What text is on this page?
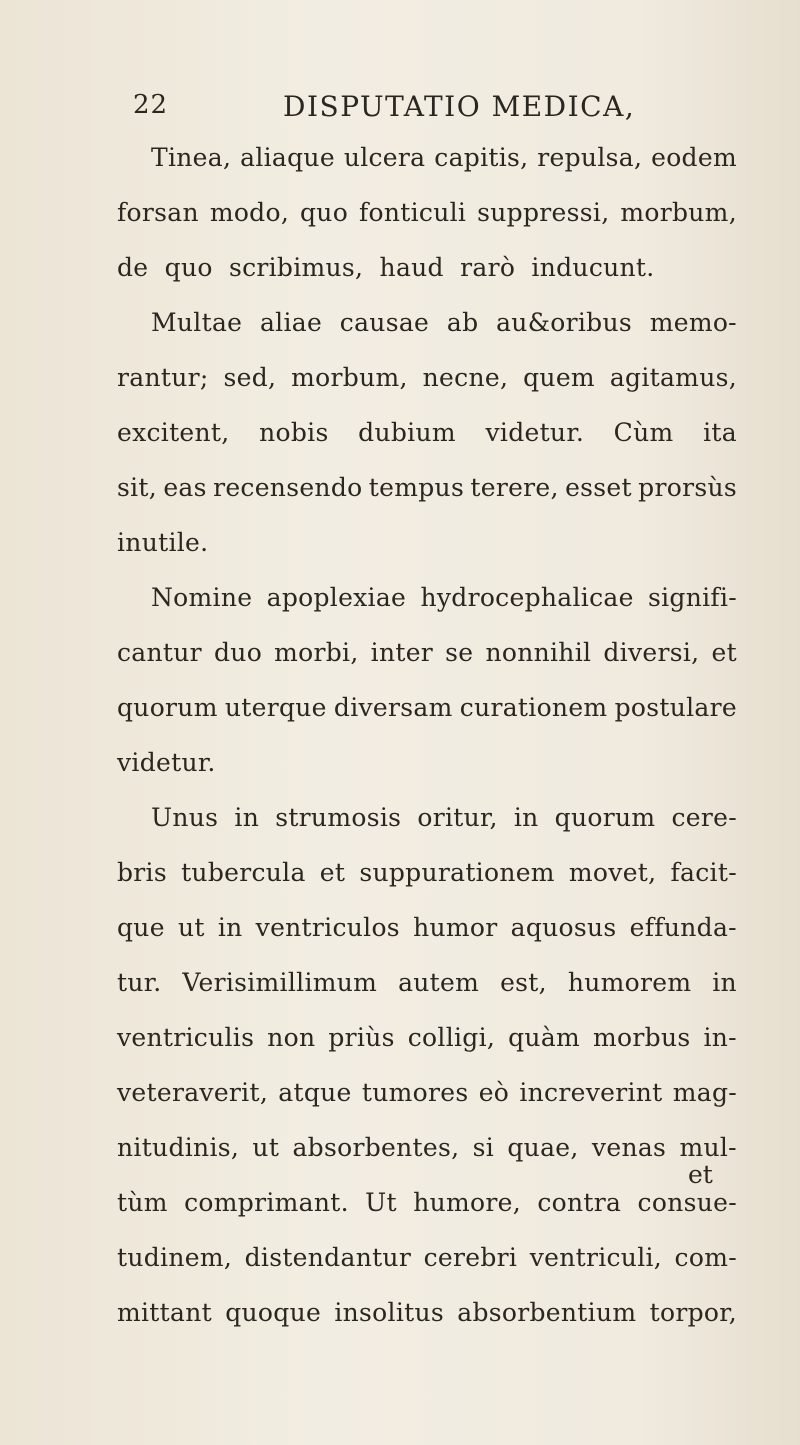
22	DISPUTATIO MEDICA,
Tinea, aliaque ulcera capitis, repulsa, eodem
forsan modo, quo fonticuli suppressi, morbum,
de quo scribimus, haud rarò inducunt.
Multae aliae causae ab au&oribus memo-
rantur; sed, morbum, necne, quem agitamus,
excitent, nobis dubium videtur. Cùm ita
sit, eas recensendo tempus terere, esset prorsùs
inutile.
Nomine apoplexiae hydrocephalicae signifi-
cantur duo morbi, inter se nonnihil diversi, et
quorum uterque diversam curationem postulare
videtur.
Unus in strumosis oritur, in quorum cere-
bris tubercula et suppurationem movet, facit-
que ut in ventriculos humor aquosus effunda-
tur. Verisimillimum autem est, humorem in
ventriculis non priùs colligi, quàm morbus in-
veteraverit, atque tumores eò increverint mag-
nitudinis, ut absorbentes, si quae, venas mul-
tùm comprimant. Ut humore, contra consue-
tudinem, distendantur cerebri ventriculi, com-
mittant quoque insolitus absorbentium torpor,
et
